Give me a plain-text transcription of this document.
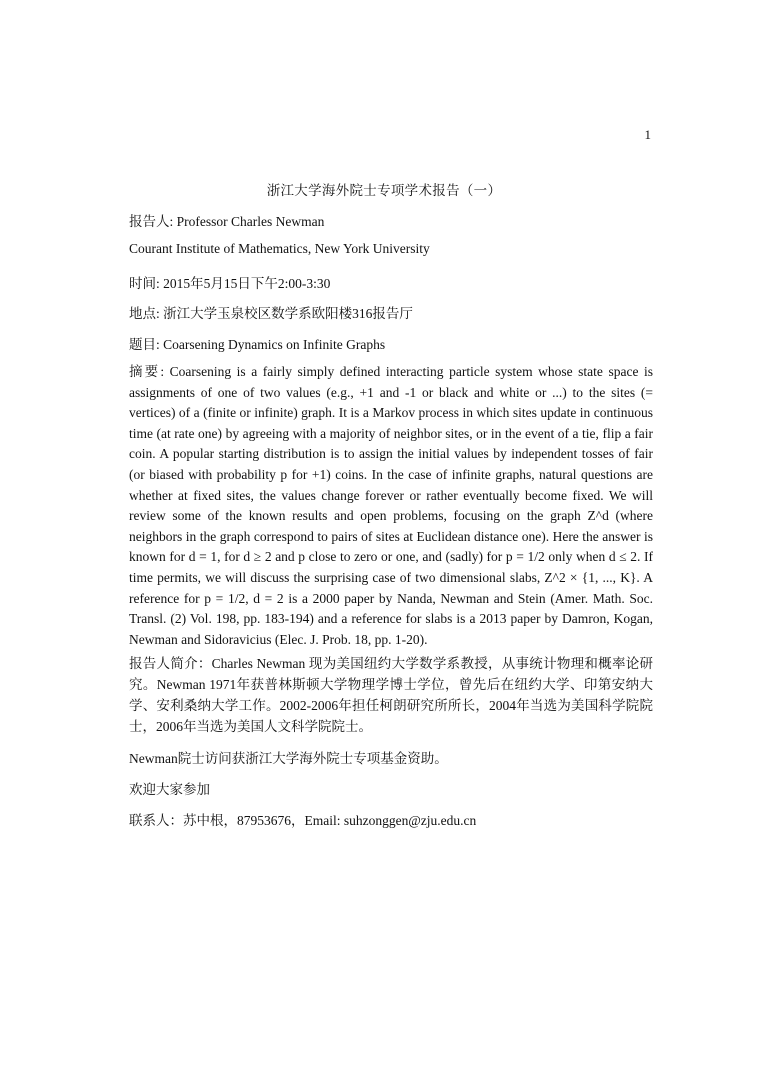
1
浙江大学海外院士专项学术报告（一）
报告人: Professor Charles Newman
Courant Institute of Mathematics, New York University
时间: 2015年5月15日下午2:00-3:30
地点: 浙江大学玉泉校区数学系欧阳楼316报告厅
题目: Coarsening Dynamics on Infinite Graphs

摘要: Coarsening is a fairly simply defined interacting particle system whose state space is assignments of one of two values (e.g., +1 and -1 or black and white or ...) to the sites (= vertices) of a (finite or infinite) graph. It is a Markov process in which sites update in continuous time (at rate one) by agreeing with a majority of neighbor sites, or in the event of a tie, flip a fair coin. A popular starting distribution is to assign the initial values by independent tosses of fair (or biased with probability p for +1) coins. In the case of infinite graphs, natural questions are whether at fixed sites, the values change forever or rather eventually become fixed. We will review some of the known results and open problems, focusing on the graph Z^d (where neighbors in the graph correspond to pairs of sites at Euclidean distance one). Here the answer is known for d = 1, for d ≥ 2 and p close to zero or one, and (sadly) for p = 1/2 only when d ≤ 2. If time permits, we will discuss the surprising case of two dimensional slabs, Z^2 × {1, ..., K}. A reference for p = 1/2, d = 2 is a 2000 paper by Nanda, Newman and Stein (Amer. Math. Soc. Transl. (2) Vol. 198, pp. 183-194) and a reference for slabs is a 2013 paper by Damron, Kogan, Newman and Sidoravicius (Elec. J. Prob. 18, pp. 1-20).

报告人简介：Charles Newman 现为美国纽约大学数学系教授，从事统计物理和概率论研究。Newman 1971年获普林斯顿大学物理学博士学位，曾先后在纽约大学、印第安纳大学、安利桑纳大学工作。2002-2006年担任柯朗研究所所长，2004年当选为美国科学院院士，2006年当选为美国人文科学院院士。

Newman院士访问获浙江大学海外院士专项基金资助。
欢迎大家参加
联系人：苏中根，87953676，Email: suhzonggen@zju.edu.cn
